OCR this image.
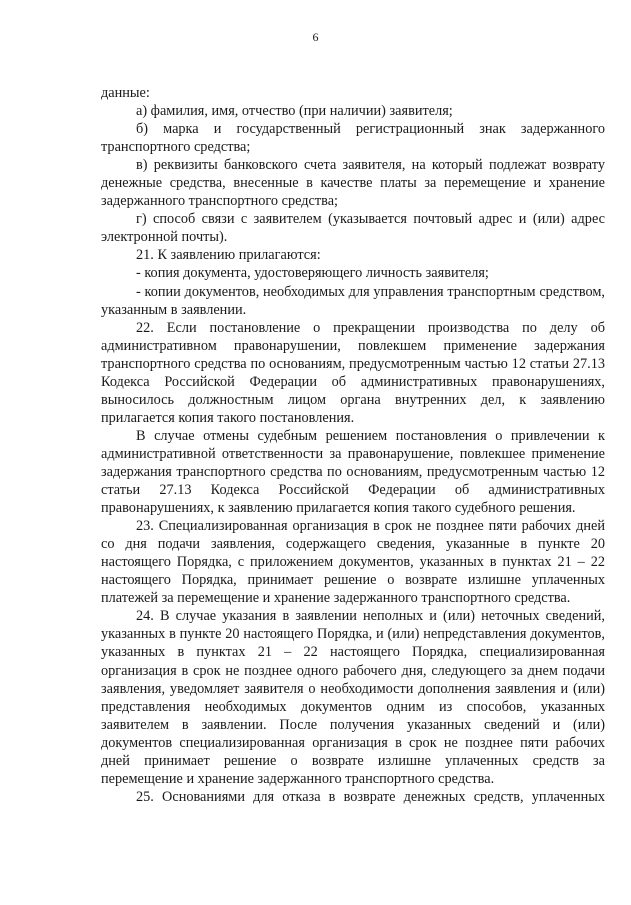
6

данные:

а) фамилия, имя, отчество (при наличии) заявителя;

б) марка и государственный регистрационный знак задержанного транспортного средства;

в) реквизиты банковского счета заявителя, на который подлежат возврату денежные средства, внесенные в качестве платы за перемещение и хранение задержанного транспортного средства;

г) способ связи с заявителем (указывается почтовый адрес и (или) адрес электронной почты).

21. К заявлению прилагаются:

- копия документа, удостоверяющего личность заявителя;

- копии документов, необходимых для управления транспортным средством, указанным в заявлении.

22. Если постановление о прекращении производства по делу об административном правонарушении, повлекшем применение задержания транспортного средства по основаниям, предусмотренным частью 12 статьи 27.13 Кодекса Российской Федерации об административных правонарушениях, выносилось должностным лицом органа внутренних дел, к заявлению прилагается копия такого постановления.

В случае отмены судебным решением постановления о привлечении к административной ответственности за правонарушение, повлекшее применение задержания транспортного средства по основаниям, предусмотренным частью 12 статьи 27.13 Кодекса Российской Федерации об административных правонарушениях, к заявлению прилагается копия такого судебного решения.

23. Специализированная организация в срок не позднее пяти рабочих дней со дня подачи заявления, содержащего сведения, указанные в пункте 20 настоящего Порядка, с приложением документов, указанных в пунктах 21 – 22 настоящего Порядка, принимает решение о возврате излишне уплаченных платежей за перемещение и хранение задержанного транспортного средства.

24. В случае указания в заявлении неполных и (или) неточных сведений, указанных в пункте 20 настоящего Порядка, и (или) непредставления документов, указанных в пунктах 21 – 22 настоящего Порядка, специализированная организация в срок не позднее одного рабочего дня, следующего за днем подачи заявления, уведомляет заявителя о необходимости дополнения заявления и (или) представления необходимых документов одним из способов, указанных заявителем в заявлении. После получения указанных сведений и (или) документов специализированная организация в срок не позднее пяти рабочих дней принимает решение о возврате излишне уплаченных средств за перемещение и хранение задержанного транспортного средства.

25. Основаниями для отказа в возврате денежных средств, уплаченных
